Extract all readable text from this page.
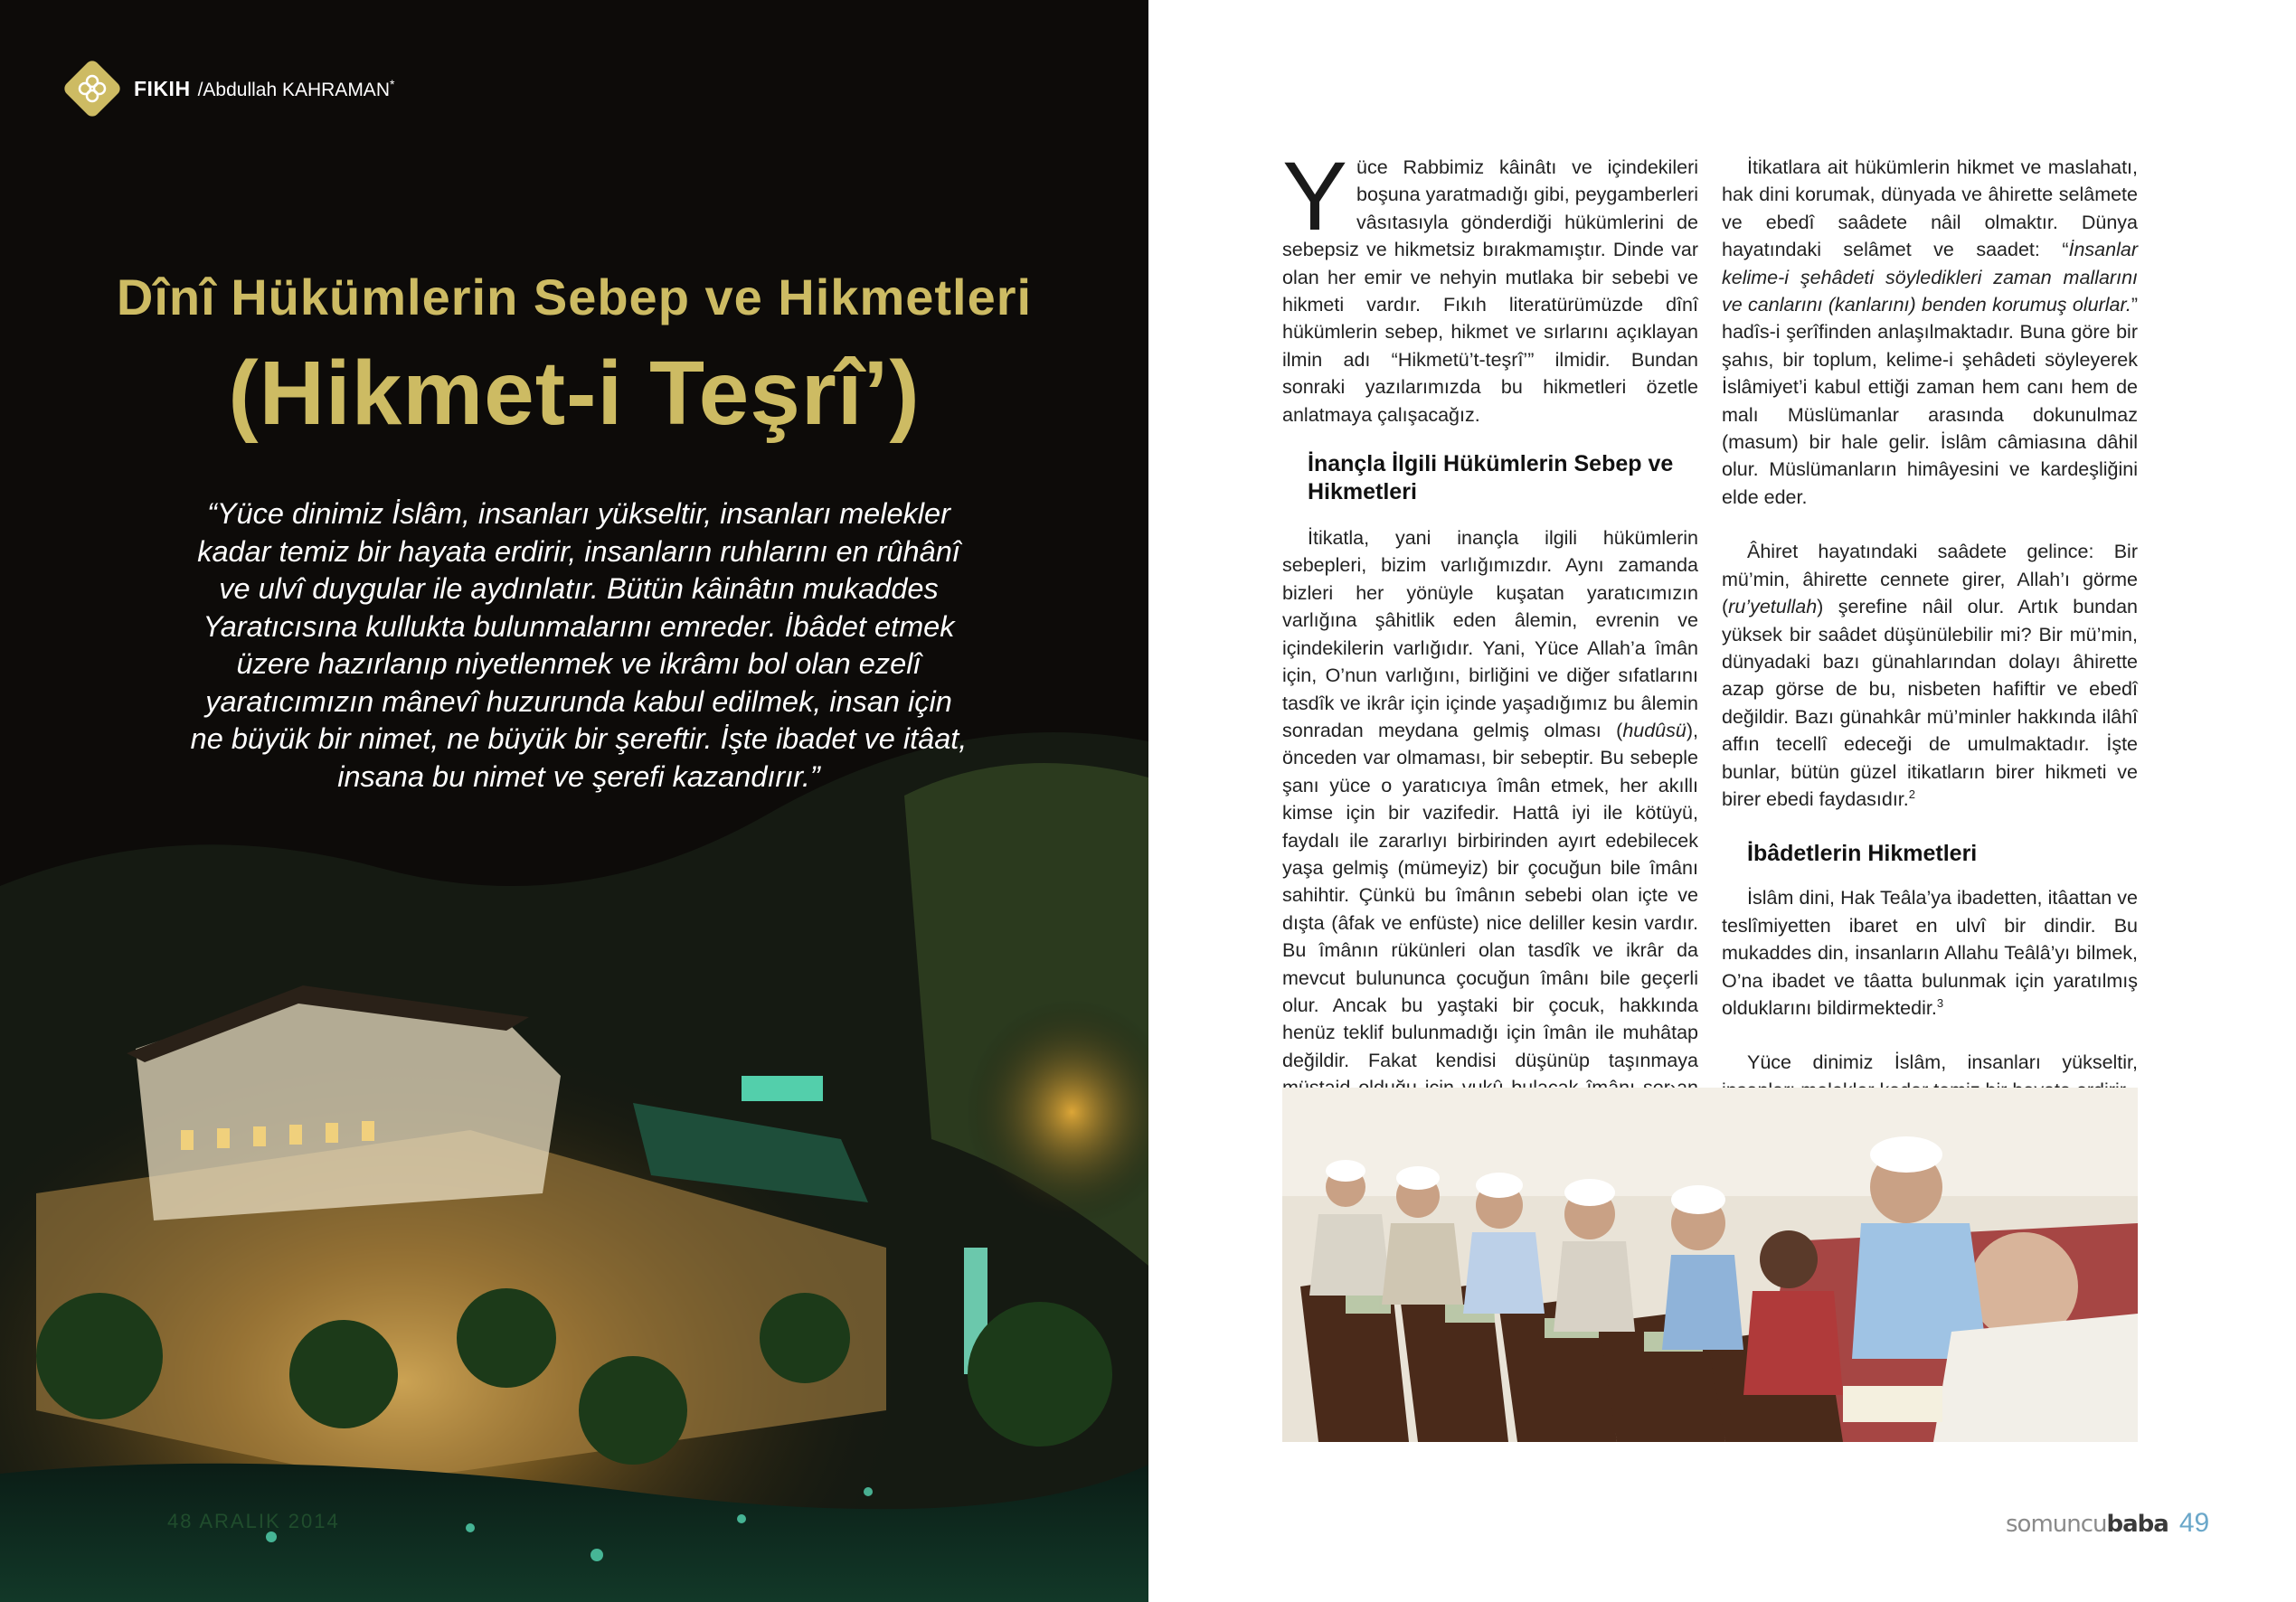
FIKIH /Abdullah KAHRAMAN*
Dînî Hükümlerin Sebep ve Hikmetleri
(Hikmet-i Teşrî’)

“Yüce dinimiz İslâm, insanları yükseltir, insanları melekler

kadar temiz bir hayata erdirir, insanların ruhlarını en rûhânî

ve ulvî duygular ile aydınlatır. Bütün kâinâtın mukaddes

Yaratıcısına kullukta bulunmalarını emreder. İbâdet etmek

üzere hazırlanıp niyetlenmek ve ikrâmı bol olan ezelî

yaratıcımızın mânevî huzurunda kabul edilmek, insan için

ne büyük bir nimet, ne büyük bir şereftir. İşte ibadet ve itâat,

insana bu nimet ve şerefi kazandırır.”

48 ARALIK 2014

Yüce Rabbimiz kâinâtı ve içindekileri boşuna yaratmadığı gibi, peygamberleri vâsıtasıyla gönderdiği hükümlerini de sebepsiz ve hikmetsiz bırakmamıştır. Dinde var olan her emir ve nehyin mutlaka bir sebebi ve hikmeti vardır. Fıkıh literatürümüzde dînî hükümlerin sebep, hikmet ve sırlarını açıklayan ilmin adı “Hikmetü’t-teşrî’” ilmidir. Bundan sonraki yazılarımızda bu hikmetleri özetle anlatmaya çalışacağız.

İnançla İlgili Hükümlerin Sebep ve Hikmetleri

İtikatla, yani inançla ilgili hükümlerin sebepleri, bizim varlığımızdır. Aynı zamanda bizleri her yönüyle kuşatan yaratıcımızın varlığına şâhitlik eden âlemin, evrenin ve içindekilerin varlığıdır. Yani, Yüce Allah’a îmân için, O’nun varlığını, birliğini ve diğer sıfatlarını tasdîk ve ikrâr için içinde yaşadığımız bu âlemin sonradan meydana gelmiş olması (hudûsü), önceden var olmaması, bir sebeptir. Bu sebeple şanı yüce o yaratıcıya îmân etmek, her akıllı kimse için bir vazifedir. Hattâ iyi ile kötüyü, faydalı ile zararlıyı birbirinden ayırt edebilecek yaşa gelmiş (mümeyiz) bir çocuğun bile îmânı sahihtir. Çünkü bu îmânın sebebi olan içte ve dışta (âfak ve enfüste) nice deliller kesin vardır. Bu îmânın rükünleri olan tasdîk ve ikrâr da mevcut bulununca çocuğun îmânı bile geçerli olur. Ancak bu yaştaki bir çocuk, hakkında henüz teklif bulunmadığı için îmân ile muhâtap değildir. Fakat kendisi düşünüp taşınmaya

İtikatlara ait hükümlerin hikmet ve maslahatı, hak dini korumak, dünyada ve âhirette selâmete ve ebedî saâdete nâil olmaktır. Dünya hayatındaki selâmet ve saadet: “İnsanlar kelime-i şehâdeti söyledikleri zaman mallarını ve canlarını (kanlarını) benden korumuş olurlar.” hadîs-i şerîfinden anlaşılmaktadır. Buna göre bir şahıs, bir toplum, kelime-i şehâdeti söyleyerek İslâmiyet’i kabul ettiği zaman hem canı hem de malı Müslümanlar arasında dokunulmaz (masum) bir hale gelir. İslâm câmiasına dâhil olur. Müslümanların himâyesini ve kardeşliğini elde eder.

Âhiret hayatındaki saâdete gelince: Bir mü’min, âhirette cennete girer, Allah’ı görme (ru’yetullah) şerefine nâil olur. Artık bundan yüksek bir saâdet düşünülebilir mi? Bir mü’min, dünyadaki bazı günahlarından dolayı âhirette azap görse de bu, nisbeten hafiftir ve ebedî değildir. Bazı günahkâr mü’minler hakkında ilâhî affın tecellî edeceği de umulmaktadır. İşte bunlar, bütün güzel itikatların birer hikmeti ve birer ebedi faydasıdır.$^2$

İbâdetlerin Hikmetleri

İslâm dini, Hak Teâla’ya ibadetten, itâattan ve teslîmiyetten ibaret en ulvî bir dindir. Bu mukaddes din, insanların Allahu Teâlâ’yı bilmek, O’na ibadet ve tâatta bulunmak için yaratılmış olduklarını bildirmektedir.$^3$

Yüce dinimiz İslâm, insanları yükseltir,

somuncu baba 49
